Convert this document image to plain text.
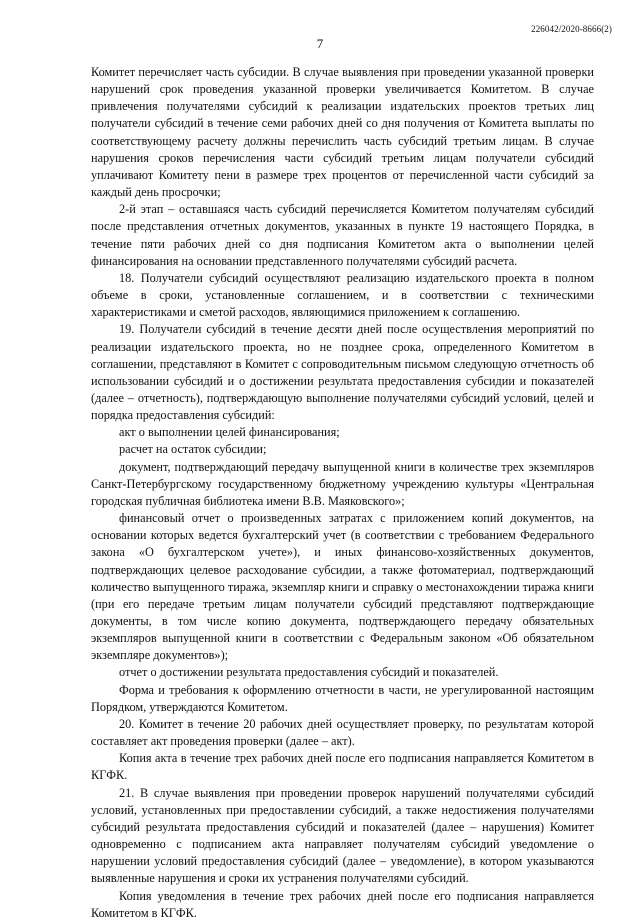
226042/2020-8666(2)
7

Комитет перечисляет часть субсидии. В случае выявления при проведении указанной проверки нарушений срок проведения указанной проверки увеличивается Комитетом. В случае привлечения получателями субсидий к реализации издательских проектов третьих лиц получатели субсидий в течение семи рабочих дней со дня получения от Комитета выплаты по соответствующему расчету должны перечислить часть субсидий третьим лицам. В случае нарушения сроков перечисления части субсидий третьим лицам получатели субсидий уплачивают Комитету пени в размере трех процентов от перечисленной части субсидий за каждый день просрочки;

2-й этап – оставшаяся часть субсидий перечисляется Комитетом получателям субсидий после представления отчетных документов, указанных в пункте 19 настоящего Порядка, в течение пяти рабочих дней со дня подписания Комитетом акта о выполнении целей финансирования на основании представленного получателями субсидий расчета.

18. Получатели субсидий осуществляют реализацию издательского проекта в полном объеме в сроки, установленные соглашением, и в соответствии с техническими характеристиками и сметой расходов, являющимися приложением к соглашению.

19. Получатели субсидий в течение десяти дней после осуществления мероприятий по реализации издательского проекта, но не позднее срока, определенного Комитетом в соглашении, представляют в Комитет с сопроводительным письмом следующую отчетность об использовании субсидий и о достижении результата предоставления субсидии и показателей (далее – отчетность), подтверждающую выполнение получателями субсидий условий, целей и порядка предоставления субсидий:

акт о выполнении целей финансирования;

расчет на остаток субсидии;

документ, подтверждающий передачу выпущенной книги в количестве трех экземпляров Санкт-Петербургскому государственному бюджетному учреждению культуры «Центральная городская публичная библиотека имени В.В. Маяковского»;

финансовый отчет о произведенных затратах с приложением копий документов, на основании которых ведется бухгалтерский учет (в соответствии с требованием Федерального закона «О бухгалтерском учете»), и иных финансово-хозяйственных документов, подтверждающих целевое расходование субсидии, а также фотоматериал, подтверждающий количество выпущенного тиража, экземпляр книги и справку о местонахождении тиража книги (при его передаче третьим лицам получатели субсидий представляют подтверждающие документы, в том числе копию документа, подтверждающего передачу обязательных экземпляров выпущенной книги в соответствии с Федеральным законом «Об обязательном экземпляре документов»);

отчет о достижении результата предоставления субсидий и показателей.

Форма и требования к оформлению отчетности в части, не урегулированной настоящим Порядком, утверждаются Комитетом.

20. Комитет в течение 20 рабочих дней осуществляет проверку, по результатам которой составляет акт проведения проверки (далее – акт).

Копия акта в течение трех рабочих дней после его подписания направляется Комитетом в КГФК.

21. В случае выявления при проведении проверок нарушений получателями субсидий условий, установленных при предоставлении субсидий, а также недостижения получателями субсидий результата предоставления субсидий и показателей (далее – нарушения) Комитет одновременно с подписанием акта направляет получателям субсидий уведомление о нарушении условий предоставления субсидий (далее – уведомление), в котором указываются выявленные нарушения и сроки их устранения получателями субсидий.

Копия уведомления в течение трех рабочих дней после его подписания направляется Комитетом в КГФК.
